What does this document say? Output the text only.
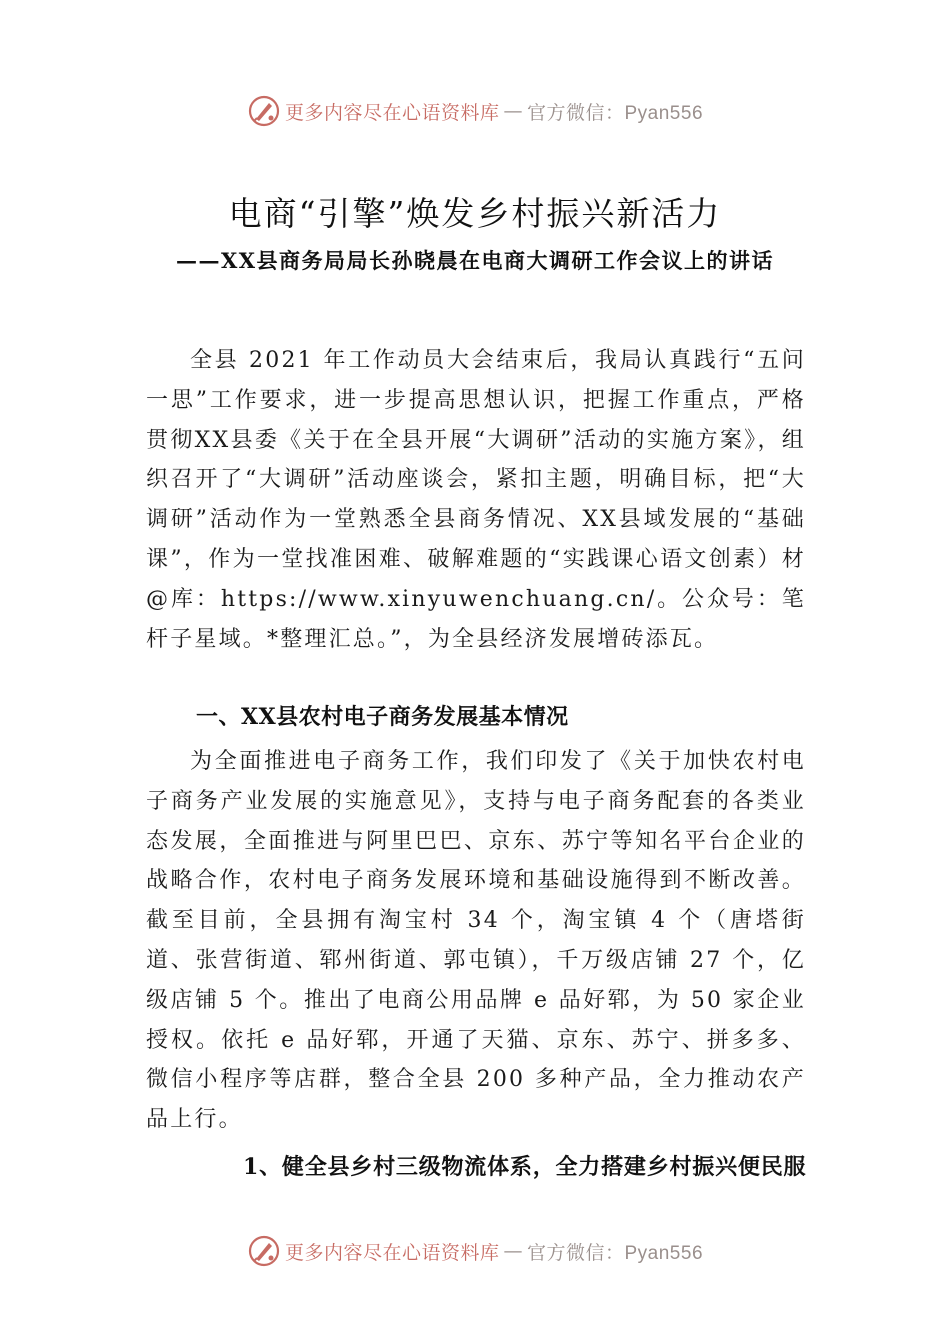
更多内容尽在心语资料库 — 官方微信：Pyan556
电商“引擎”焕发乡村振兴新活力
——XX县商务局局长孙晓晨在电商大调研工作会议上的讲话

全县 2021 年工作动员大会结束后，我局认真践行“五问一思”工作要求，进一步提高思想认识，把握工作重点，严格贯彻XX县委《关于在全县开展“大调研”活动的实施方案》，组织召开了“大调研”活动座谈会，紧扣主题，明确目标，把“大调研”活动作为一堂熟悉全县商务情况、XX县域发展的“基础课”，作为一堂找准困难、破解难题的“实践课心语文创素）材@库：https://www.xinyuwenchuang.cn/。公众号：笔杆子星域。*整理汇总。”，为全县经济发展增砖添瓦。

一、XX县农村电子商务发展基本情况

为全面推进电子商务工作，我们印发了《关于加快农村电子商务产业发展的实施意见》，支持与电子商务配套的各类业态发展，全面推进与阿里巴巴、京东、苏宁等知名平台企业的战略合作，农村电子商务发展环境和基础设施得到不断改善。截至目前，全县拥有淘宝村 34 个，淘宝镇 4 个（唐塔街道、张营街道、郓州街道、郭屯镇），千万级店铺 27 个，亿级店铺 5 个。推出了电商公用品牌 e 品好郓，为 50 家企业授权。依托 e 品好郓，开通了天猫、京东、苏宁、拼多多、微信小程序等店群，整合全县 200 多种产品，全力推动农产品上行。

1、健全县乡村三级物流体系，全力搭建乡村振兴便民服
更多内容尽在心语资料库 — 官方微信：Pyan556
